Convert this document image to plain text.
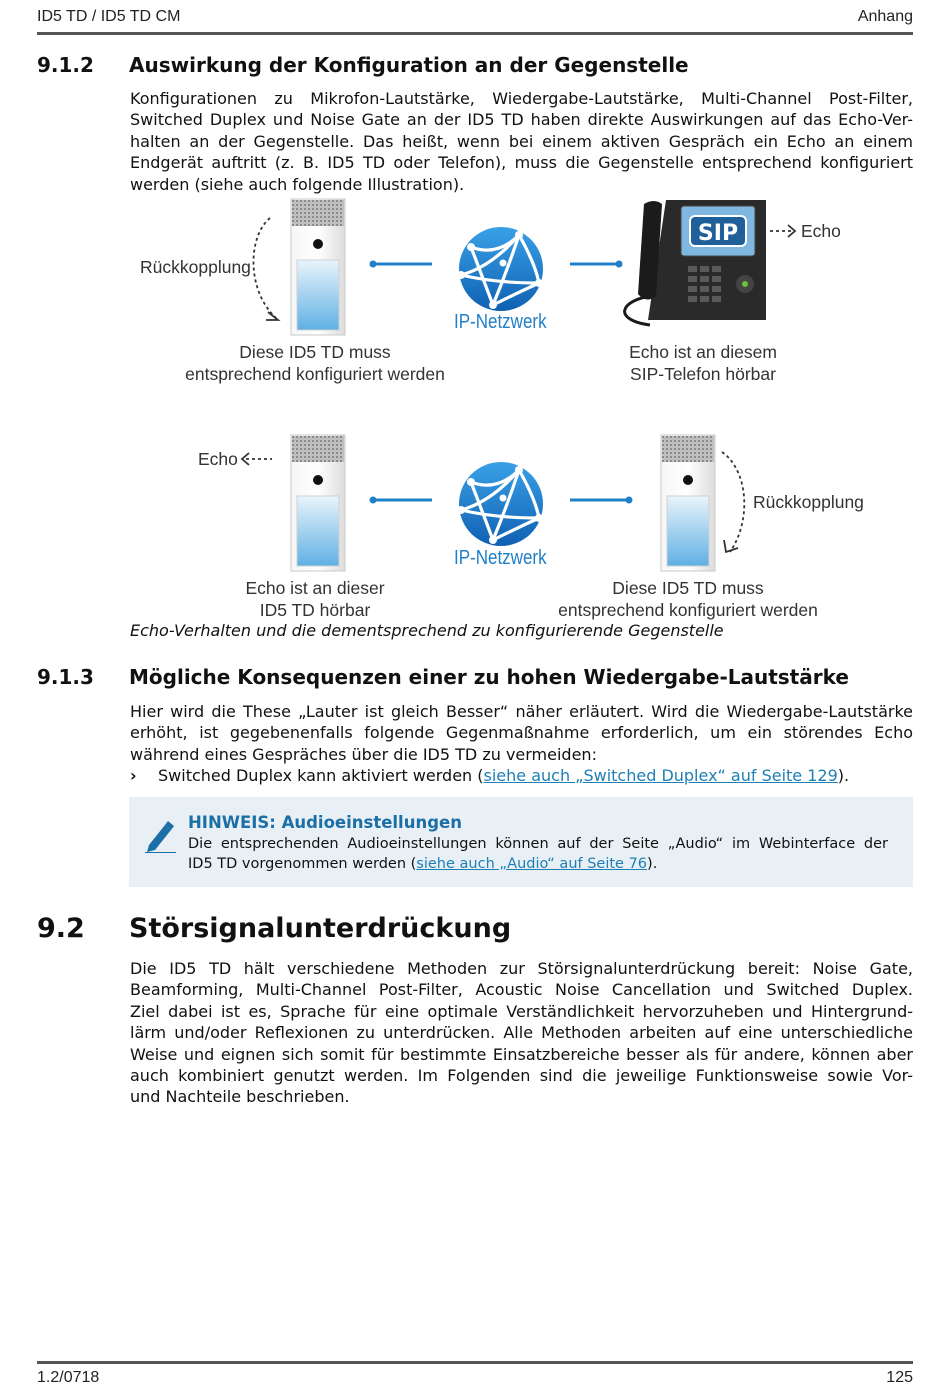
ID5 TD / ID5 TD CM	Anhang
9.1.2 Auswirkung der Konfiguration an der Gegenstelle
Konfigurationen zu Mikrofon-Lautstärke, Wiedergabe-Lautstärke, Multi-Channel Post-Filter,
Switched Duplex und Noise Gate an der ID5 TD haben direkte Auswirkungen auf das Echo-Ver-
halten an der Gegenstelle. Das heißt, wenn bei einem aktiven Gespräch ein Echo an einem
Endgerät auftritt (z. B. ID5 TD oder Telefon), muss die Gegenstelle entsprechend konfiguriert
werden (siehe auch folgende Illustration).
SIP
Rückkopplung
Echo
IP-Netzwerk
Diese ID5 TD muss
entsprechend konfiguriert werden
Echo ist an diesem
SIP-Telefon hörbar
Echo
Rückkopplung
IP-Netzwerk
Echo ist an dieser
ID5 TD hörbar
Diese ID5 TD muss
entsprechend konfiguriert werden
Echo-Verhalten und die dementsprechend zu konfigurierende Gegenstelle
9.1.3 Mögliche Konsequenzen einer zu hohen Wiedergabe-Lautstärke
Hier wird die These „Lauter ist gleich Besser“ näher erläutert. Wird die Wiedergabe-Lautstärke
erhöht, ist gegebenenfalls folgende Gegenmaßnahme erforderlich, um ein störendes Echo
während eines Gespräches über die ID5 TD zu vermeiden:
› Switched Duplex kann aktiviert werden (siehe auch „Switched Duplex“ auf Seite 129).
HINWEIS: Audioeinstellungen
Die entsprechenden Audioeinstellungen können auf der Seite „Audio“ im Webinterface der
ID5 TD vorgenommen werden (siehe auch „Audio“ auf Seite 76).
9.2 Störsignalunterdrückung
Die ID5 TD hält verschiedene Methoden zur Störsignalunterdrückung bereit: Noise Gate,
Beamforming, Multi-Channel Post-Filter, Acoustic Noise Cancellation und Switched Duplex.
Ziel dabei ist es, Sprache für eine optimale Verständlichkeit hervorzuheben und Hintergrund-
lärm und/oder Reflexionen zu unterdrücken. Alle Methoden arbeiten auf eine unterschiedliche
Weise und eignen sich somit für bestimmte Einsatzbereiche besser als für andere, können aber
auch kombiniert genutzt werden. Im Folgenden sind die jeweilige Funktionsweise sowie Vor-
und Nachteile beschrieben.
1.2/0718	125
